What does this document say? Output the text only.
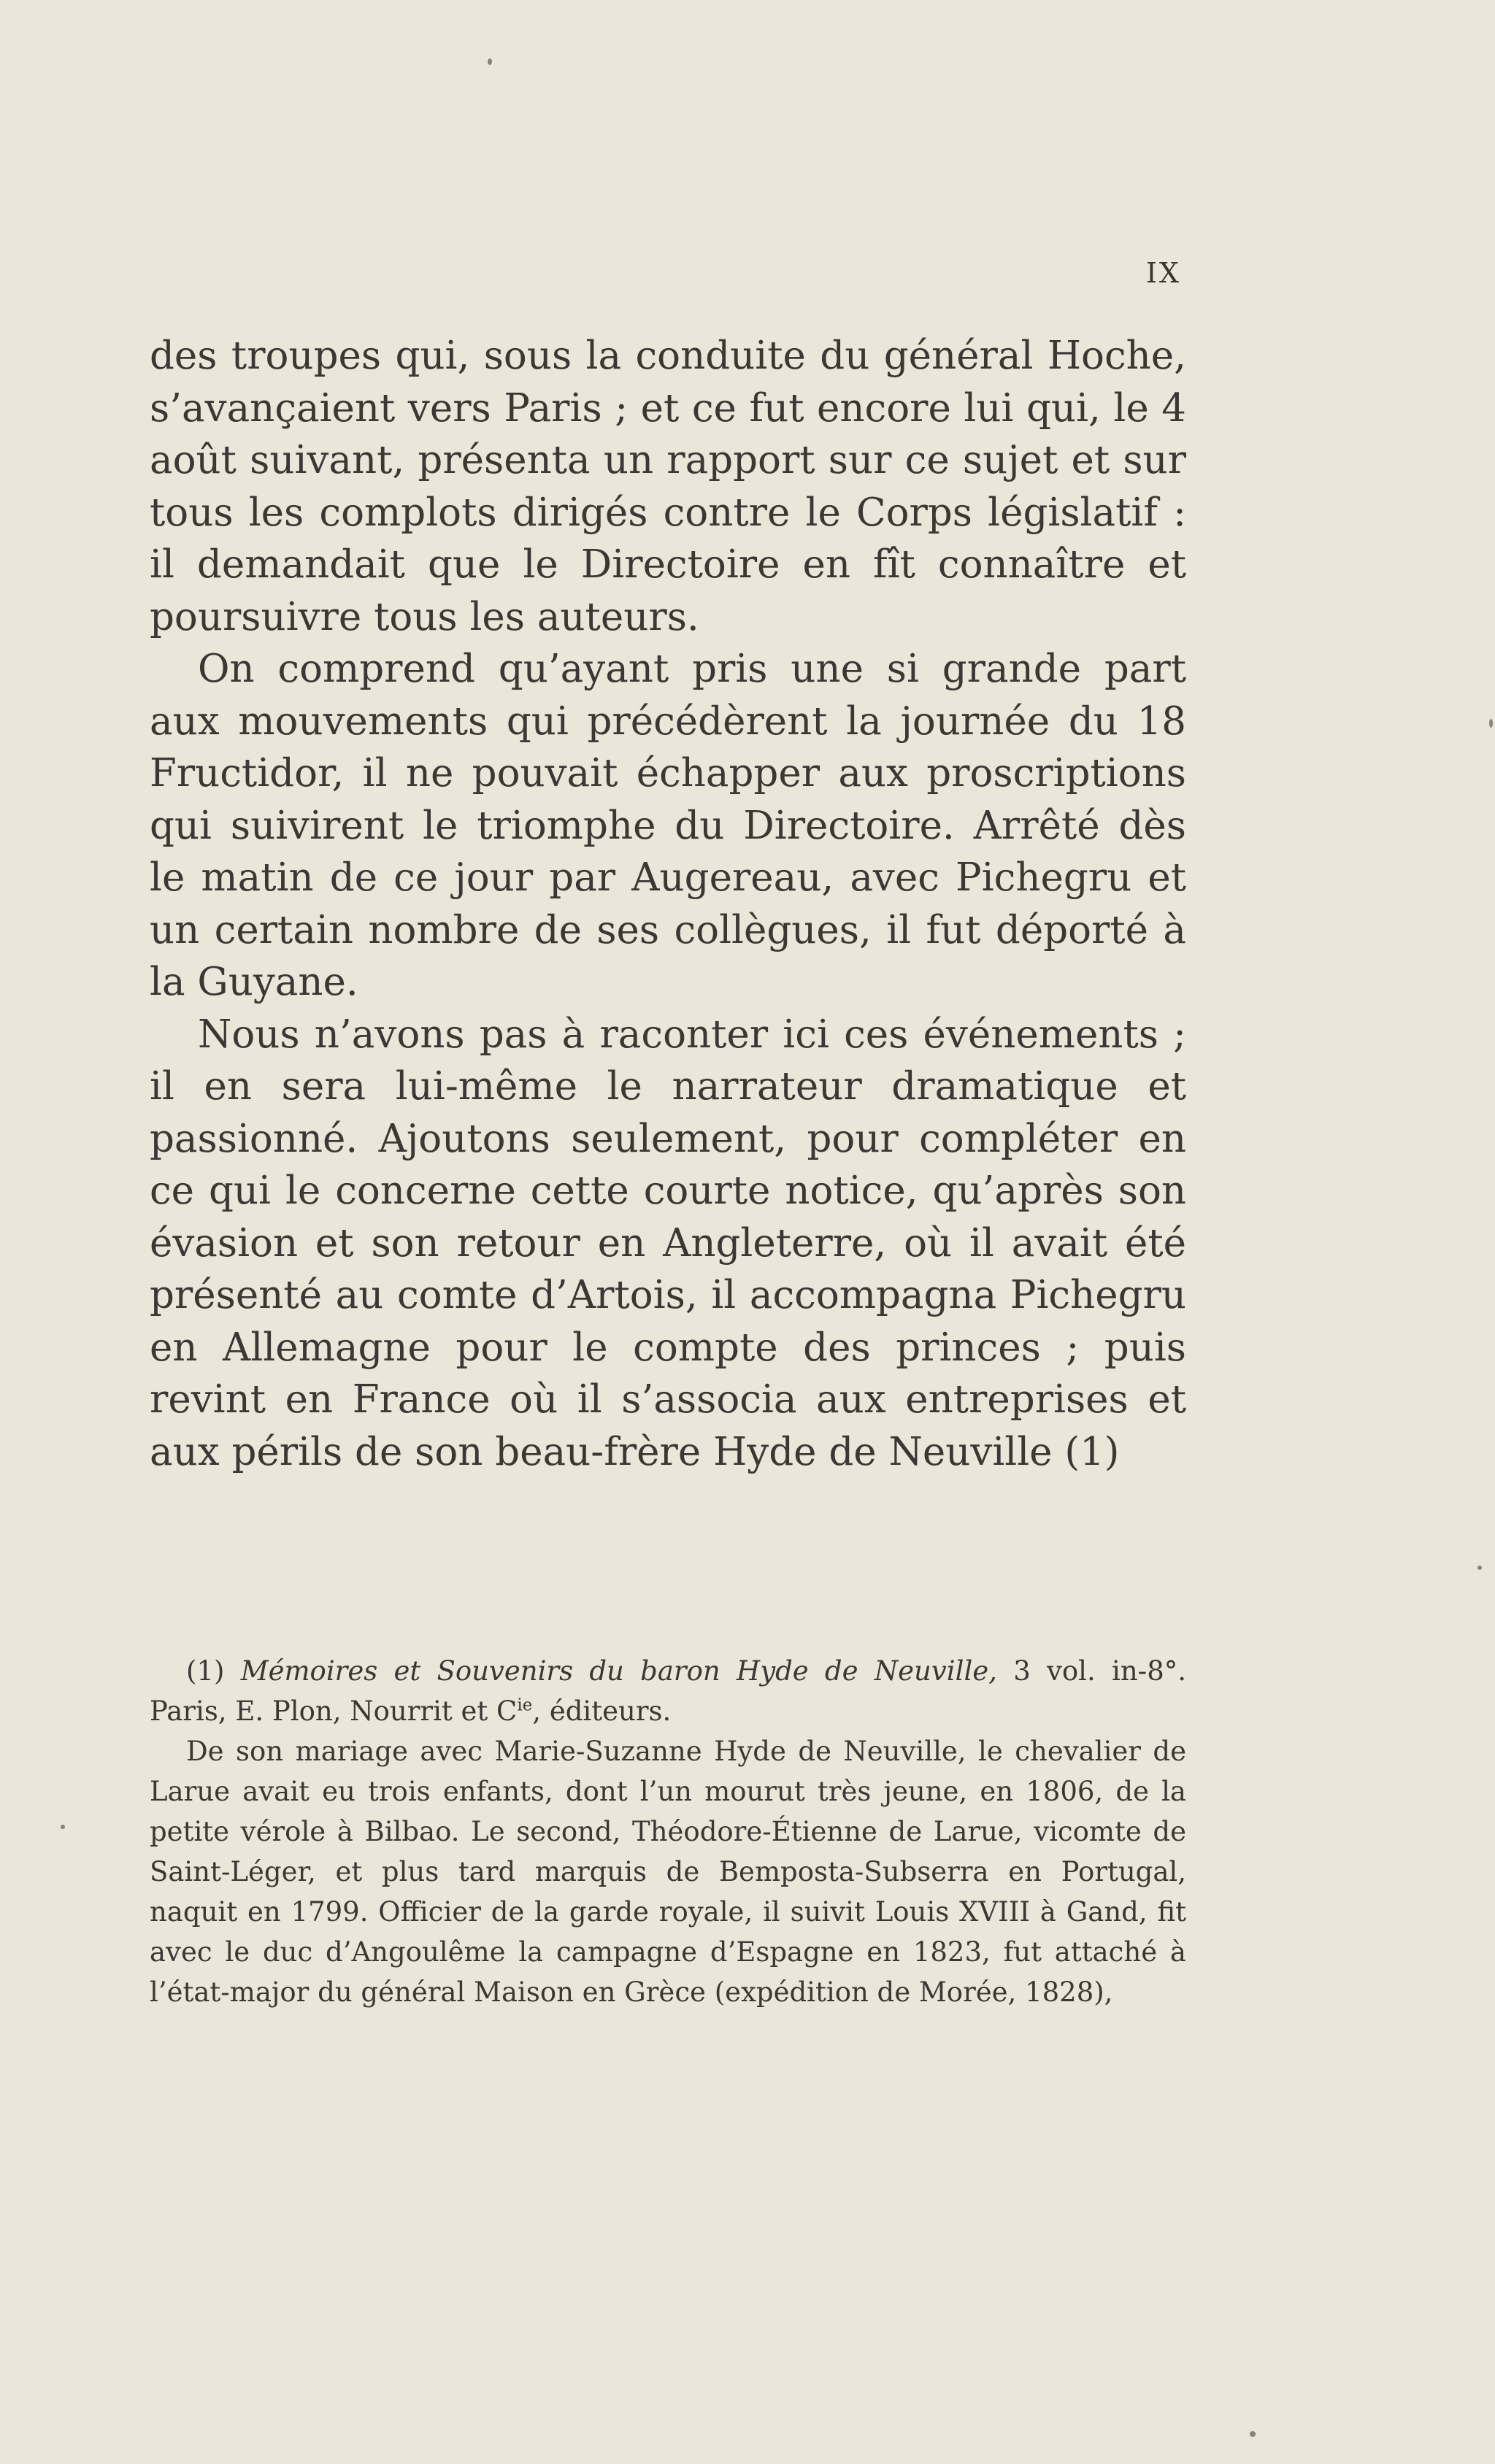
IX

des troupes qui, sous la conduite du général Hoche, s’avançaient vers Paris ; et ce fut encore lui qui, le 4 août suivant, présenta un rapport sur ce sujet et sur tous les complots dirigés contre le Corps législatif : il demandait que le Directoire en fît connaître et poursuivre tous les auteurs.

On comprend qu’ayant pris une si grande part aux mouvements qui précédèrent la journée du 18 Fructidor, il ne pouvait échapper aux proscriptions qui suivirent le triomphe du Directoire. Arrêté dès le matin de ce jour par Augereau, avec Pichegru et un certain nombre de ses collègues, il fut déporté à la Guyane.

Nous n’avons pas à raconter ici ces événements ; il en sera lui-même le narrateur dramatique et passionné. Ajoutons seulement, pour compléter en ce qui le concerne cette courte notice, qu’après son évasion et son retour en Angleterre, où il avait été présenté au comte d’Artois, il accompagna Pichegru en Allemagne pour le compte des princes ; puis revint en France où il s’associa aux entreprises et aux périls de son beau-frère Hyde de Neuville (1)

(1) Mémoires et Souvenirs du baron Hyde de Neuville, 3 vol. in-8°. Paris, E. Plon, Nourrit et $C^{ie}$, éditeurs.

De son mariage avec Marie-Suzanne Hyde de Neuville, le chevalier de Larue avait eu trois enfants, dont l’un mourut très jeune, en 1806, de la petite vérole à Bilbao. Le second, Théodore-Étienne de Larue, vicomte de Saint-Léger, et plus tard marquis de Bemposta-Subserra en Portugal, naquit en 1799. Officier de la garde royale, il suivit Louis XVIII à Gand, fit avec le duc d’Angoulême la campagne d’Espagne en 1823, fut attaché à l’état-major du général Maison en Grèce (expédition de Morée, 1828),
